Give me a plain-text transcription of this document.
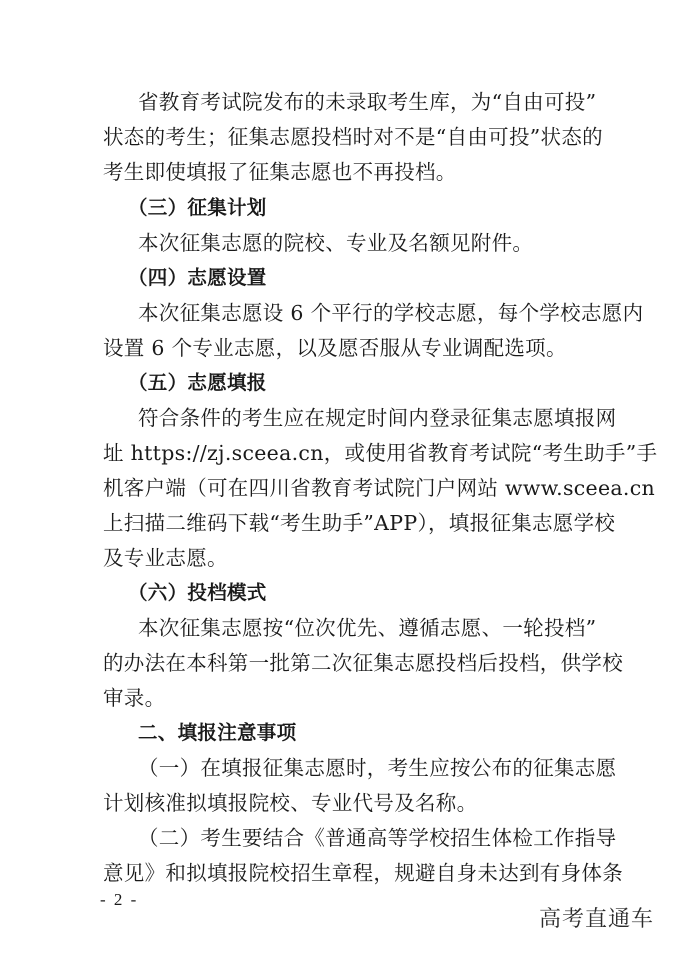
省教育考试院发布的未录取考生库，为“自由可投”
状态的考生；征集志愿投档时对不是“自由可投”状态的
考生即使填报了征集志愿也不再投档。
（三）征集计划
本次征集志愿的院校、专业及名额见附件。
（四）志愿设置
本次征集志愿设 6 个平行的学校志愿，每个学校志愿内
设置 6 个专业志愿，以及愿否服从专业调配选项。
（五）志愿填报
符合条件的考生应在规定时间内登录征集志愿填报网
址 https://zj.sceea.cn，或使用省教育考试院“考生助手”手
机客户端（可在四川省教育考试院门户网站 www.sceea.cn
上扫描二维码下载“考生助手”APP），填报征集志愿学校
及专业志愿。
（六）投档模式
本次征集志愿按“位次优先、遵循志愿、一轮投档”
的办法在本科第一批第二次征集志愿投档后投档，供学校
审录。
二、填报注意事项
（一）在填报征集志愿时，考生应按公布的征集志愿
计划核准拟填报院校、专业代号及名称。
（二）考生要结合《普通高等学校招生体检工作指导
意见》和拟填报院校招生章程，规避自身未达到有身体条
- 2 -
高考直通车
